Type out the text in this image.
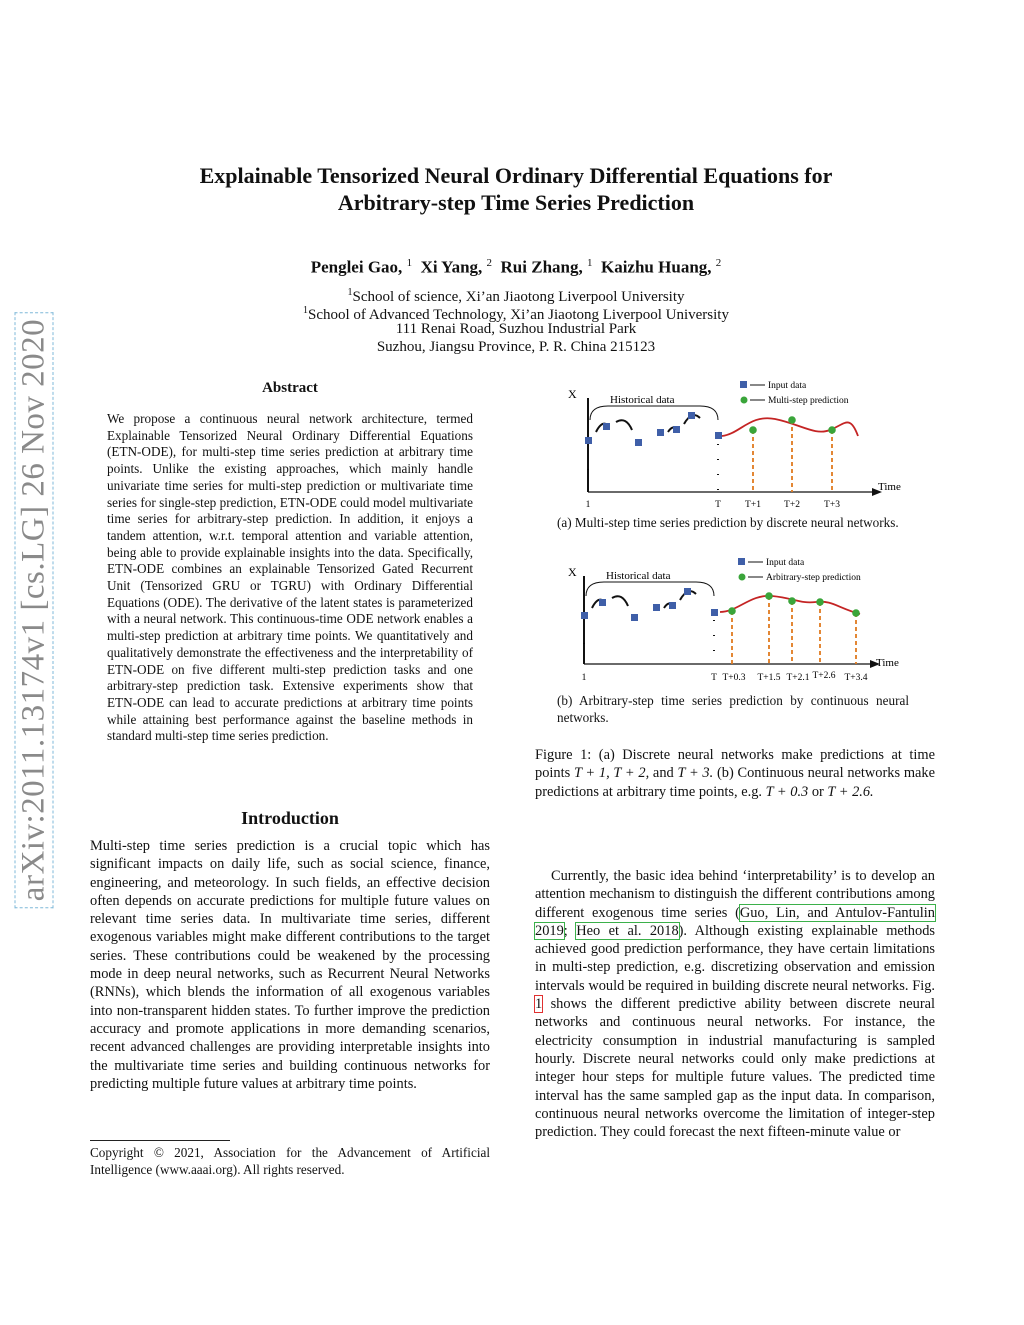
arXiv:2011.13174v1 [cs.LG] 26 Nov 2020
Explainable Tensorized Neural Ordinary Differential Equations for
Arbitrary-step Time Series Prediction
Penglei Gao, $^1$ Xi Yang, $^2$ Rui Zhang, $^1$ Kaizhu Huang, $^2$
$^1$School of science, Xi’an Jiaotong Liverpool University
$^1$School of Advanced Technology, Xi’an Jiaotong Liverpool University
111 Renai Road, Suzhou Industrial Park
Suzhou, Jiangsu Province, P. R. China 215123
Abstract
We propose a continuous neural network architecture, termed Explainable Tensorized Neural Ordinary Differential Equations (ETN-ODE), for multi-step time series prediction at arbitrary time points. Unlike the existing approaches, which mainly handle univariate time series for multi-step prediction or multivariate time series for single-step prediction, ETN-ODE could model multivariate time series for arbitrary-step prediction. In addition, it enjoys a tandem attention, w.r.t. temporal attention and variable attention, being able to provide explainable insights into the data. Specifically, ETN-ODE combines an explainable Tensorized Gated Recurrent Unit (Tensorized GRU or TGRU) with Ordinary Differential Equations (ODE). The derivative of the latent states is parameterized with a neural network. This continuous-time ODE network enables a multi-step prediction at arbitrary time points. We quantitatively and qualitatively demonstrate the effectiveness and the interpretability of ETN-ODE on five different multi-step prediction tasks and one arbitrary-step prediction task. Extensive experiments show that ETN-ODE can lead to accurate predictions at arbitrary time points while attaining best performance against the baseline methods in standard multi-step time series prediction.
Introduction
Multi-step time series prediction is a crucial topic which has significant impacts on daily life, such as social science, finance, engineering, and meteorology. In such fields, an effective decision often depends on accurate predictions for multiple future values on relevant time series data. In multivariate time series, different exogenous variables might make different contributions to the target series. These contributions could be weakened by the processing mode in deep neural networks, such as Recurrent Neural Networks (RNNs), which blends the information of all exogenous variables into non-transparent hidden states. To further improve the prediction accuracy and promote applications in more demanding scenarios, recent advanced challenges are providing interpretable insights into the multivariate time series and building continuous networks for predicting multiple future values at arbitrary time points.
Copyright © 2021, Association for the Advancement of Artificial Intelligence (www.aaai.org). All rights reserved.
X
Time
Historical data
Input data
Multi-step prediction
.
1	T	T+1 T+2	T+3
(a) Multi-step time series prediction by discrete neural networks.
X
Time
Historical data
Input data
Arbitrary-step prediction
.
1	T T+0.3 T+1.5 T+2.1 T+2.6 T+3.4
(b) Arbitrary-step time series prediction by continuous neural networks.
Figure 1: (a) Discrete neural networks make predictions at time points T + 1, T + 2, and T + 3. (b) Continuous neural networks make predictions at arbitrary time points, e.g. T + 0.3 or T + 2.6.

Currently, the basic idea behind ‘interpretability’ is to develop an attention mechanism to distinguish the different contributions among different exogenous time series (Guo, Lin, and Antulov-Fantulin 2019; Heo et al. 2018). Although existing explainable methods achieved good prediction performance, they have certain limitations in multi-step prediction, e.g. discretizing observation and emission intervals would be required in building discrete neural networks. Fig. 1 shows the different predictive ability between discrete neural networks and continuous neural networks. For instance, the electricity consumption in industrial manufacturing is sampled hourly. Discrete neural networks could only make predictions at integer hour steps for multiple future values. The predicted time interval has the same sampled gap as the input data. In comparison, continuous neural networks overcome the limitation of integer-step prediction. They could forecast the next fifteen-minute value or
